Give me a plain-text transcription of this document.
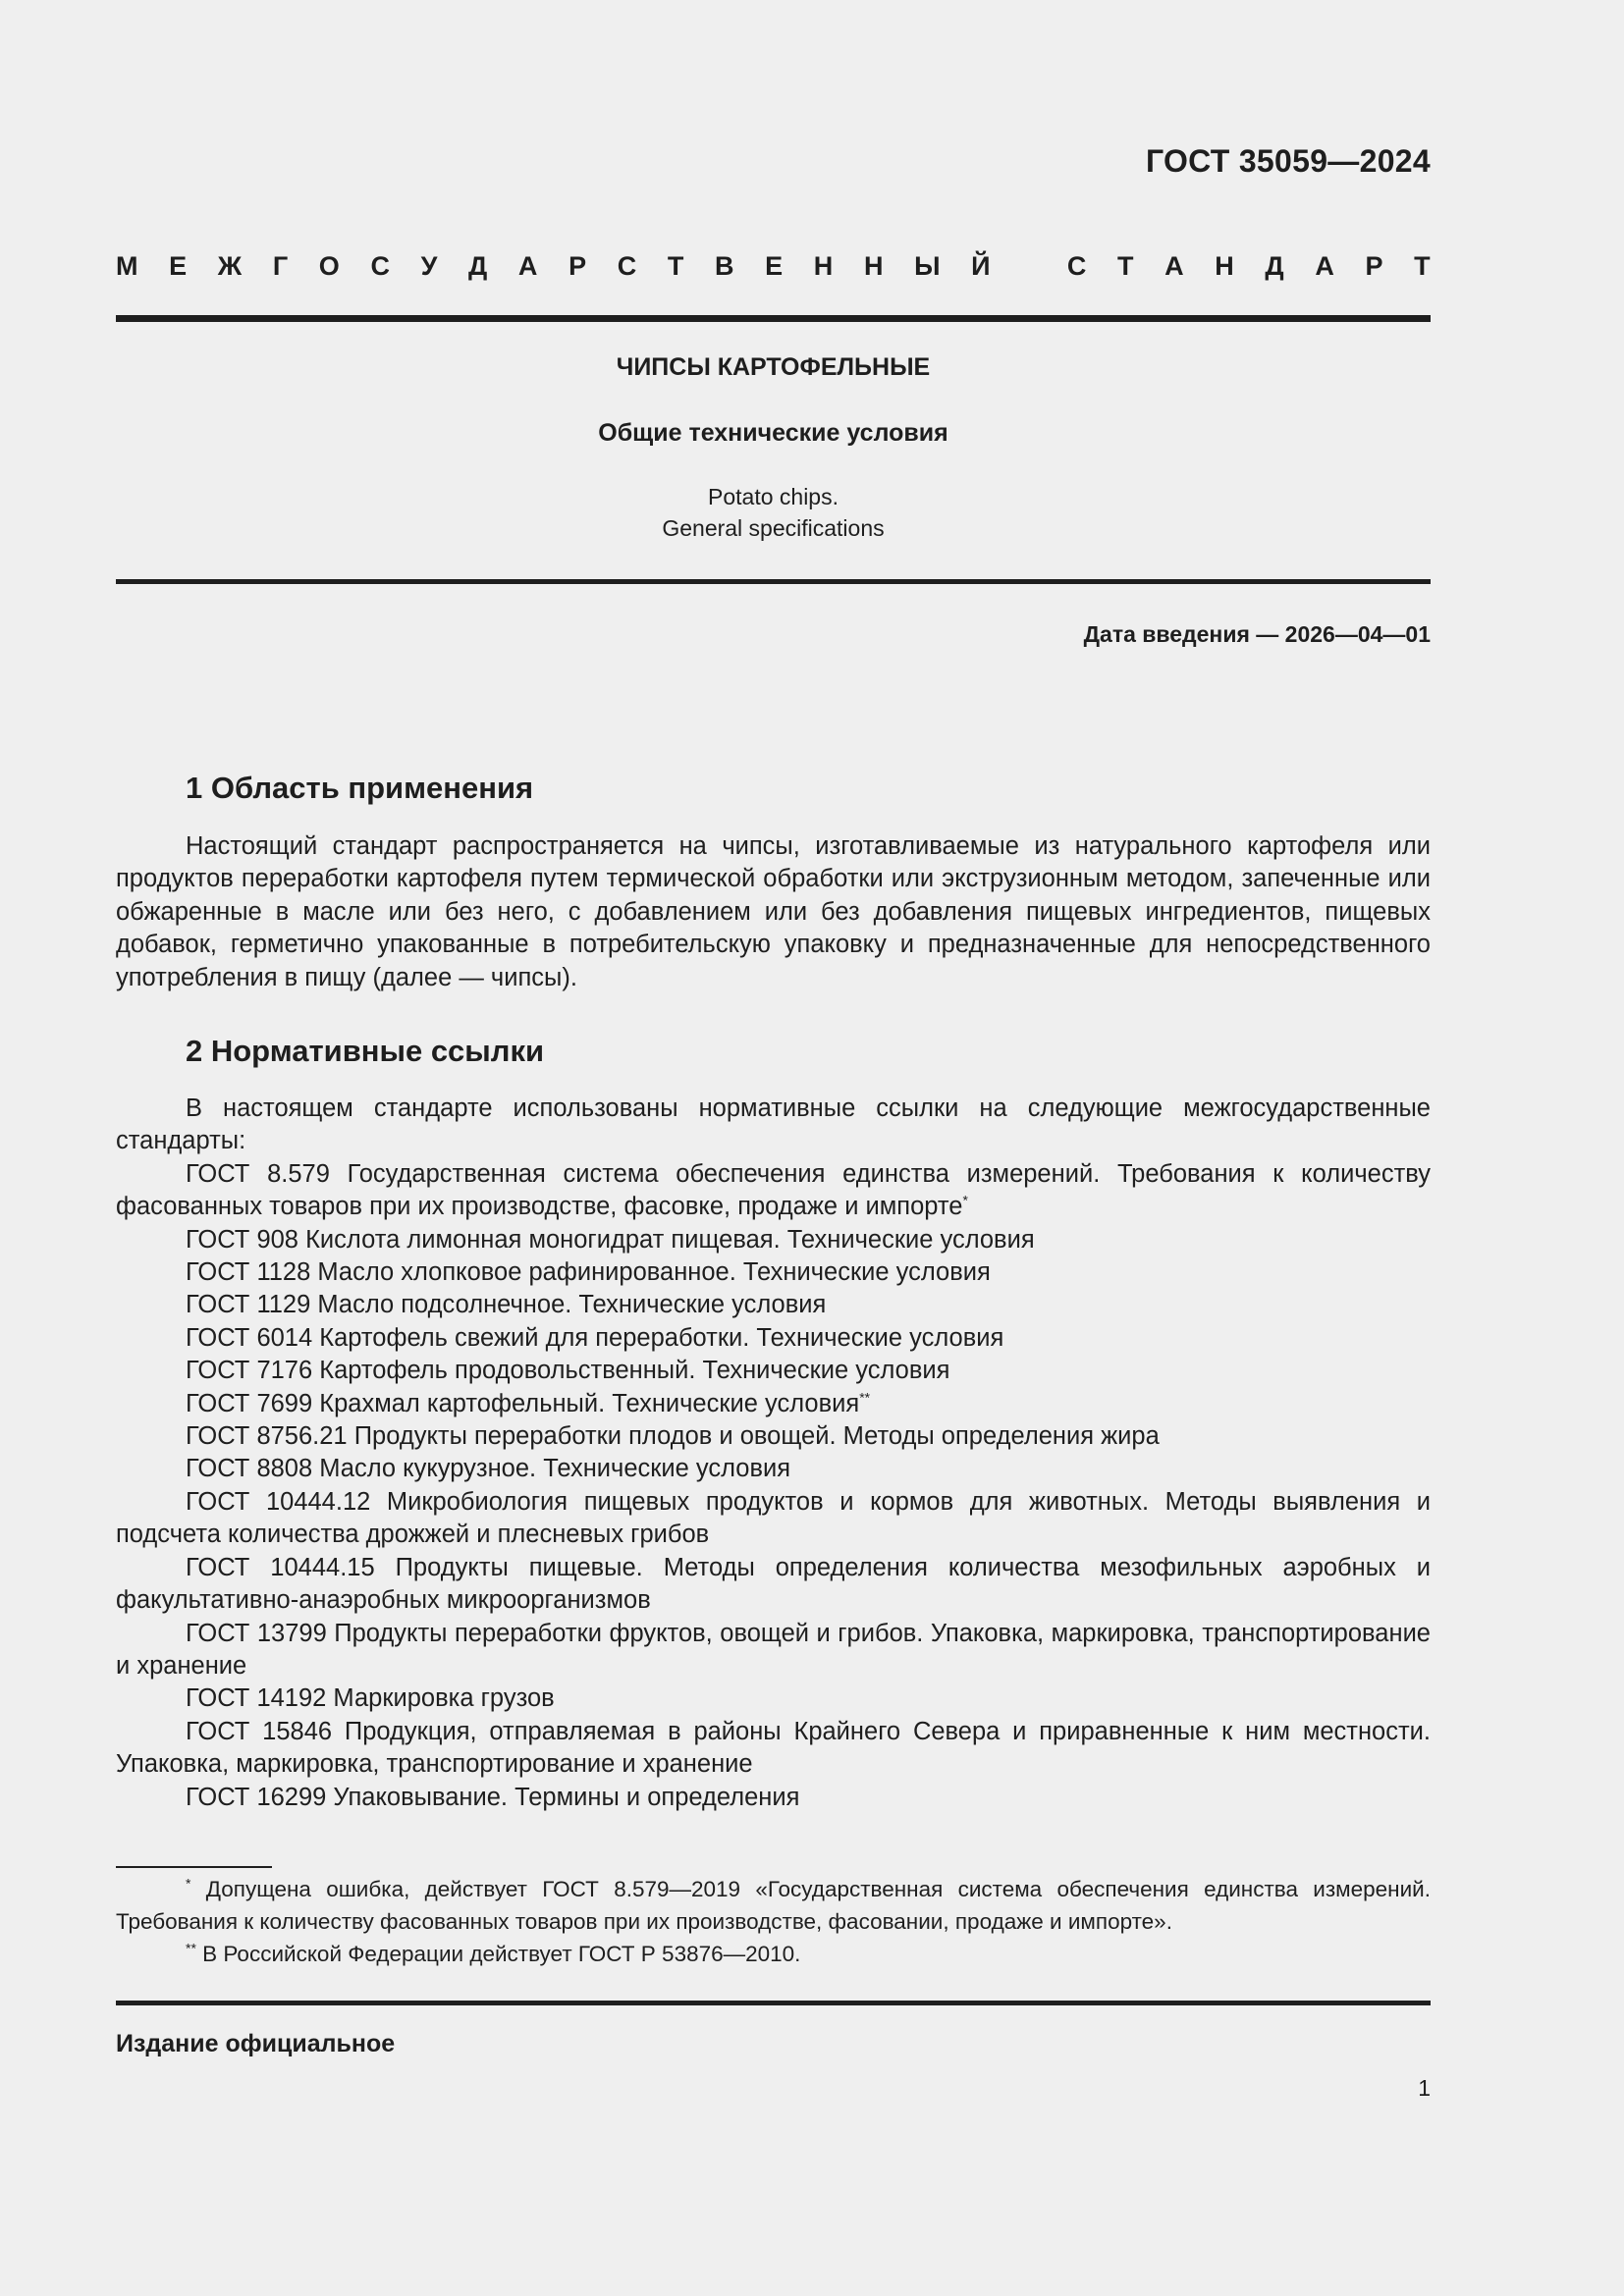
ГОСТ 35059—2024
М Е Ж Г О С У Д А Р С Т В Е Н Н Ы Й
	С Т А Н Д А Р Т
ЧИПСЫ КАРТОФЕЛЬНЫЕ
Общие технические условия
Potato chips.
General specifications
Дата введения — 2026—04—01
1 Область применения

Настоящий стандарт распространяется на чипсы, изготавливаемые из натурального картофеля или продуктов переработки картофеля путем термической обработки или экструзионным методом, запеченные или обжаренные в масле или без него, с добавлением или без добавления пищевых ингредиентов, пищевых добавок, герметично упакованные в потребительскую упаковку и предназначенные для непосредственного употребления в пищу (далее — чипсы).

2 Нормативные ссылки

В настоящем стандарте использованы нормативные ссылки на следующие межгосударственные стандарты:

ГОСТ 8.579 Государственная система обеспечения единства измерений. Требования к количеству фасованных товаров при их производстве, фасовке, продаже и импорте*

ГОСТ 908 Кислота лимонная моногидрат пищевая. Технические условия

ГОСТ 1128 Масло хлопковое рафинированное. Технические условия

ГОСТ 1129 Масло подсолнечное. Технические условия

ГОСТ 6014 Картофель свежий для переработки. Технические условия

ГОСТ 7176 Картофель продовольственный. Технические условия

ГОСТ 7699 Крахмал картофельный. Технические условия**

ГОСТ 8756.21 Продукты переработки плодов и овощей. Методы определения жира

ГОСТ 8808 Масло кукурузное. Технические условия

ГОСТ 10444.12 Микробиология пищевых продуктов и кормов для животных. Методы выявления и подсчета количества дрожжей и плесневых грибов

ГОСТ 10444.15 Продукты пищевые. Методы определения количества мезофильных аэробных и факультативно-анаэробных микроорганизмов

ГОСТ 13799 Продукты переработки фруктов, овощей и грибов. Упаковка, маркировка, транспортирование и хранение

ГОСТ 14192 Маркировка грузов

ГОСТ 15846 Продукция, отправляемая в районы Крайнего Севера и приравненные к ним местности. Упаковка, маркировка, транспортирование и хранение

ГОСТ 16299 Упаковывание. Термины и определения

* Допущена ошибка, действует ГОСТ 8.579—2019 «Государственная система обеспечения единства измерений. Требования к количеству фасованных товаров при их производстве, фасовании, продаже и импорте».

** В Российской Федерации действует ГОСТ Р 53876—2010.

Издание официальное
1
